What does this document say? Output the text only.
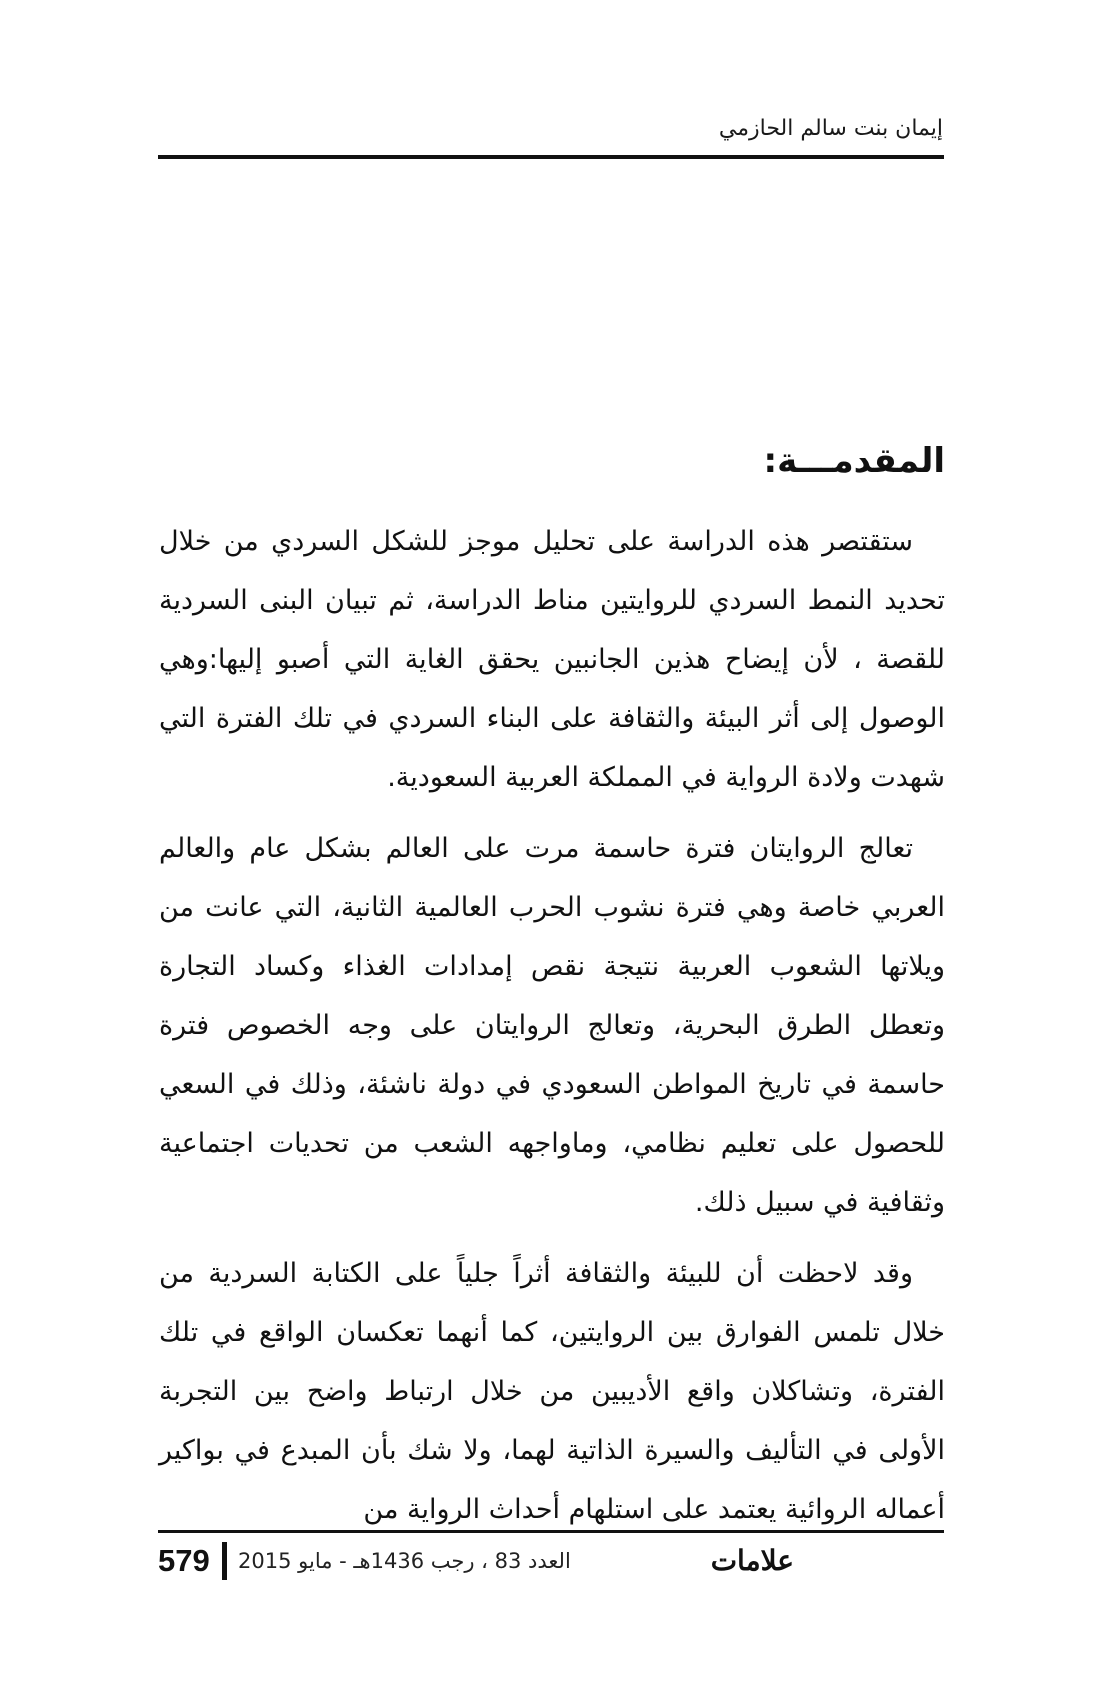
إيمان بنت سالم الحازمي
المقدمـــة:

ستقتصر هذه الدراسة على تحليل موجز للشكل السردي من خلال تحديد النمط السردي للروايتين مناط الدراسة، ثم تبيان البنى السردية للقصة ، لأن إيضاح هذين الجانبين يحقق الغاية التي أصبو إليها:وهي الوصول إلى أثر البيئة والثقافة على البناء السردي في تلك الفترة التي شهدت ولادة الرواية في المملكة العربية السعودية.

تعالج الروايتان فترة حاسمة مرت على العالم بشكل عام والعالم العربي خاصة وهي فترة نشوب الحرب العالمية الثانية، التي عانت من ويلاتها الشعوب العربية نتيجة نقص إمدادات الغذاء وكساد التجارة وتعطل الطرق البحرية، وتعالج الروايتان على وجه الخصوص فترة حاسمة في تاريخ المواطن السعودي في دولة ناشئة، وذلك في السعي للحصول على تعليم نظامي، وماواجهه الشعب من تحديات اجتماعية وثقافية في سبيل ذلك.

وقد لاحظت أن للبيئة والثقافة أثراً جلياً على الكتابة السردية من خلال تلمس الفوارق بين الروايتين، كما أنهما تعكسان الواقع في تلك الفترة، وتشاكلان واقع الأديبين من خلال ارتباط واضح بين التجربة الأولى في التأليف والسيرة الذاتية لهما، ولا شك بأن المبدع في بواكير أعماله الروائية يعتمد على استلهام أحداث الرواية من

579 العدد 83 ، رجب 1436هـ - مايو 2015	علامات
